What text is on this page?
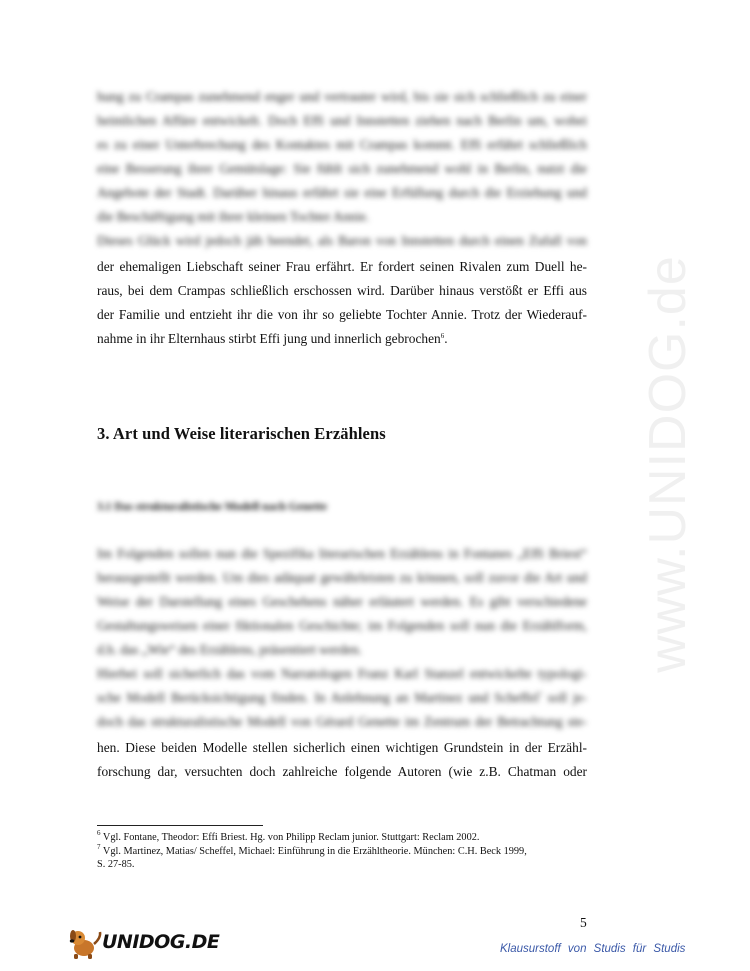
www.UNIDOG.de
hung zu Crampas zunehmend enger und vertrauter wird, bis sie sich schließlich zu einer
heimlichen Affäre entwickelt. Doch Effi und Innstetten ziehen nach Berlin um, wobei
es zu einer Unterbrechung des Kontaktes mit Crampas kommt. Effi erfährt schließlich
eine Besserung ihrer Gemütslage: Sie fühlt sich zunehmend wohl in Berlin, nutzt die
Angebote der Stadt. Darüber hinaus erfährt sie eine Erfüllung durch die Erziehung und
die Beschäftigung mit ihrer kleinen Tochter Annie.
Dieses Glück wird jedoch jäh beendet, als Baron von Innstetten durch einen Zufall von
der ehemaligen Liebschaft seiner Frau erfährt. Er fordert seinen Rivalen zum Duell he-
raus, bei dem Crampas schließlich erschossen wird. Darüber hinaus verstößt er Effi aus
der Familie und entzieht ihr die von ihr so geliebte Tochter Annie. Trotz der Wiederauf-
nahme in ihr Elternhaus stirbt Effi jung und innerlich gebrochen$^6$.
3. Art und Weise literarischen Erzählens
3.1 Das strukturalistische Modell nach Genette
Im Folgenden sollen nun die Spezifika literarischen Erzählens in Fontanes „Effi Briest“
herausgestellt werden. Um dies adäquat gewährleisten zu können, soll zuvor die Art und
Weise der Darstellung eines Geschehens näher erläutert werden. Es gibt verschiedene
Gestaltungsweisen einer fiktionalen Geschichte; im Folgenden soll nun die Erzählform,
d.h. das „Wie“ des Erzählens, präsentiert werden.
Hierbei soll sicherlich das vom Narratologen Franz Karl Stanzel entwickelte typologi-
sche Modell Berücksichtigung finden. In Anlehnung an Martinez und Scheffel$^7$ soll je-
doch das strukturalistische Modell von Gérard Genette im Zentrum der Betrachtung ste-
hen. Diese beiden Modelle stellen sicherlich einen wichtigen Grundstein in der Erzähl-
forschung dar, versuchten doch zahlreiche folgende Autoren (wie z.B. Chatman oder
$^6$ Vgl. Fontane, Theodor: Effi Briest. Hg. von Philipp Reclam junior. Stuttgart: Reclam 2002.
$^7$ Vgl. Martinez, Matias/ Scheffel, Michael: Einführung in die Erzähltheorie. München: C.H. Beck 1999,
S. 27-85.
5
UNIDOG.DE	Klausurstoff von Studis für Studis
